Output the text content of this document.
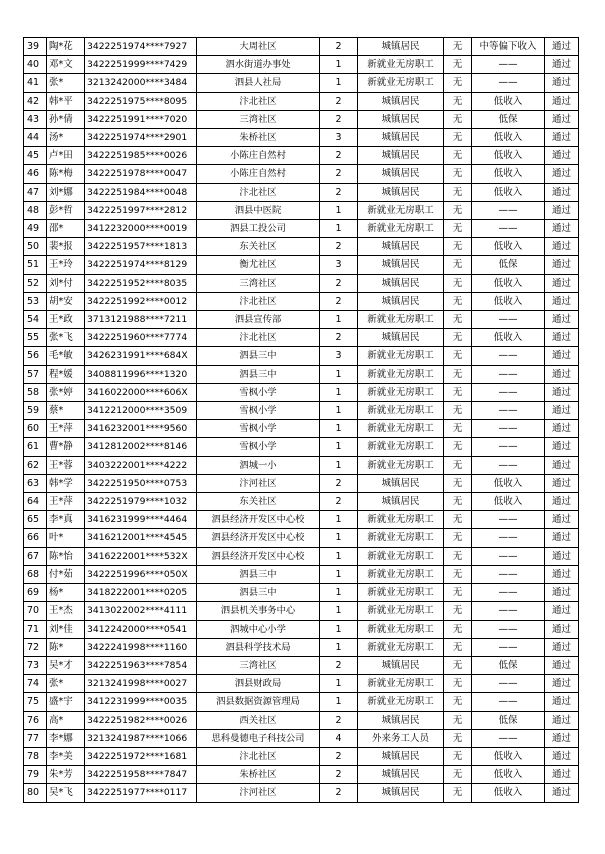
39	陶*花	3422251974****7927	大周社区	2	城镇居民	无	中等偏下收入	通过
40	邓*文	3422251999****7429	泗水街道办事处	1	新就业无房职工	无	——	通过
41	张*	3213242000****3484	泗县人社局	1	新就业无房职工	无	——	通过
42	韩*平	3422251975****8095	汴北社区	2	城镇居民	无	低收入	通过
43	孙*倩	3422251991****7020	三湾社区	2	城镇居民	无	低保	通过
44	汤*	3422251974****2901	朱桥社区	3	城镇居民	无	低收入	通过
45	卢*田	3422251985****0026	小陈庄自然村	2	城镇居民	无	低收入	通过
46	陈*梅	3422251978****0047	小陈庄自然村	2	城镇居民	无	低收入	通过
47	刘*娜	3422251984****0048	汴北社区	2	城镇居民	无	低收入	通过
48	彭*哲	3422251997****2812	泗县中医院	1	新就业无房职工	无	——	通过
49	邵*	3412232000****0019	泗县工投公司	1	新就业无房职工	无	——	通过
50	裴*报	3422251957****1813	东关社区	2	城镇居民	无	低收入	通过
51	王*玲	3422251974****8129	衡尤社区	3	城镇居民	无	低保	通过
52	刘*付	3422251952****8035	三湾社区	2	城镇居民	无	低收入	通过
53	胡*安	3422251992****0012	汴北社区	2	城镇居民	无	低收入	通过
54	王*政	3713121988****7211	泗县宣传部	1	新就业无房职工	无	——	通过
55	张*飞	3422251960****7774	汴北社区	2	城镇居民	无	低收入	通过
56	毛*敏	3426231991****684X	泗县三中	3	新就业无房职工	无	——	通过
57	程*媛	3408811996****1320	泗县三中	1	新就业无房职工	无	——	通过
58	张*婷	3416022000****606X	雪枫小学	1	新就业无房职工	无	——	通过
59	蔡*	3412212000****3509	雪枫小学	1	新就业无房职工	无	——	通过
60	王*萍	3416232001****9560	雪枫小学	1	新就业无房职工	无	——	通过
61	曹*静	3412812002****8146	雪枫小学	1	新就业无房职工	无	——	通过
62	王*蓉	3403222001****4222	泗城一小	1	新就业无房职工	无	——	通过
63	韩*学	3422251950****0753	汴河社区	2	城镇居民	无	低收入	通过
64	王*萍	3422251979****1032	东关社区	2	城镇居民	无	低收入	通过
65	李*真	3416231999****4464	泗县经济开发区中心校	1	新就业无房职工	无	——	通过
66	叶*	3416212001****4545	泗县经济开发区中心校	1	新就业无房职工	无	——	通过
67	陈*怡	3416222001****532X	泗县经济开发区中心校	1	新就业无房职工	无	——	通过
68	付*茹	3422251996****050X	泗县三中	1	新就业无房职工	无	——	通过
69	杨*	3418222001****0205	泗县三中	1	新就业无房职工	无	——	通过
70	王*杰	3413022002****4111	泗县机关事务中心	1	新就业无房职工	无	——	通过
71	刘*佳	3412242000****0541	泗城中心小学	1	新就业无房职工	无	——	通过
72	陈*	3422241998****1160	泗县科学技术局	1	新就业无房职工	无	——	通过
73	吴*才	3422251963****7854	三湾社区	2	城镇居民	无	低保	通过
74	张*	3213241998****0027	泗县财政局	1	新就业无房职工	无	——	通过
75	盛*宇	3412231999****0035	泗县数据资源管理局	1	新就业无房职工	无	——	通过
76	高*	3422251982****0026	西关社区	2	城镇居民	无	低保	通过
77	李*娜	3213241987****1066	思科曼德电子科技公司	4	外来务工人员	无	——	通过
78	李*美	3422251972****1681	汴北社区	2	城镇居民	无	低收入	通过
79	朱*芳	3422251958****7847	朱桥社区	2	城镇居民	无	低收入	通过
80	吴*飞	3422251977****0117	汴河社区	2	城镇居民	无	低收入	通过
